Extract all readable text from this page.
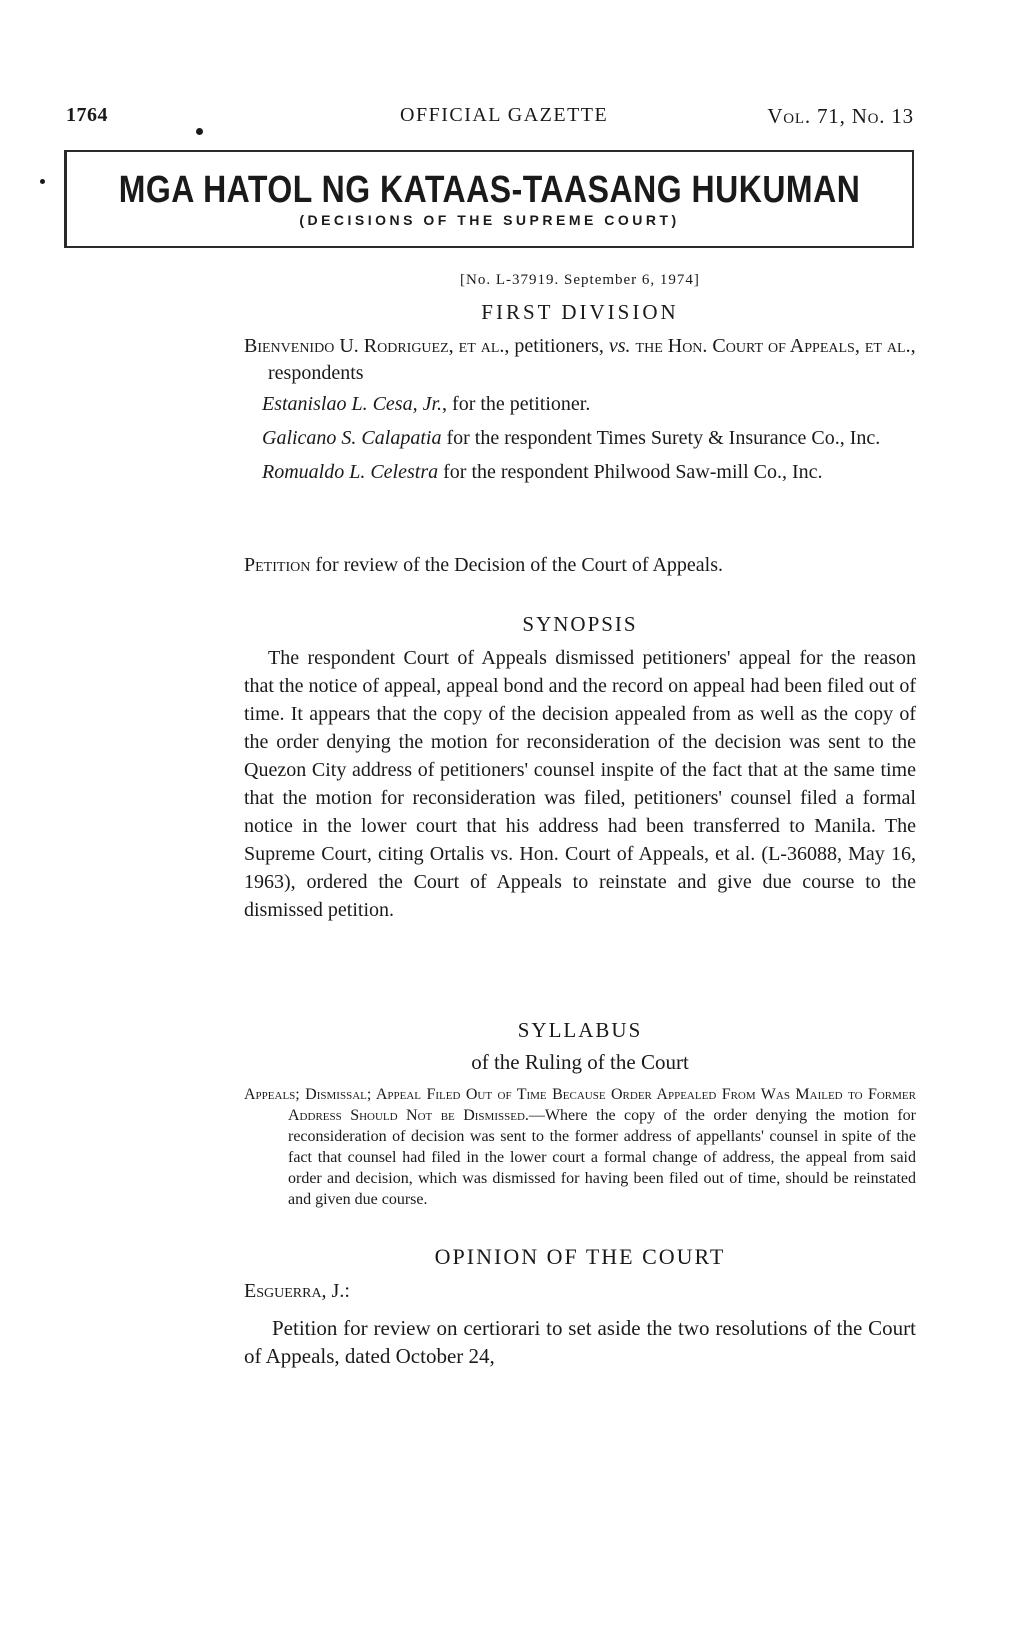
1764	OFFICIAL GAZETTE	Vol. 71, No. 13
MGA HATOL NG KATAAS-TAASANG HUKUMAN
(DECISIONS OF THE SUPREME COURT)
[No. L-37919. September 6, 1974]
FIRST DIVISION
Bienvenido U. Rodriguez, et al., petitioners, vs. the Hon. Court of Appeals, et al., respondents
Estanislao L. Cesa, Jr., for the petitioner.
Galicano S. Calapatia for the respondent Times Surety & Insurance Co., Inc.
Romualdo L. Celestra for the respondent Philwood Saw-mill Co., Inc.
Petition for review of the Decision of the Court of Appeals.
SYNOPSIS
The respondent Court of Appeals dismissed petitioners' appeal for the reason that the notice of appeal, appeal bond and the record on appeal had been filed out of time. It appears that the copy of the decision appealed from as well as the copy of the order denying the motion for reconsideration of the decision was sent to the Quezon City address of petitioners' counsel inspite of the fact that at the same time that the motion for reconsideration was filed, petitioners' counsel filed a formal notice in the lower court that his address had been transferred to Manila. The Supreme Court, citing Ortalis vs. Hon. Court of Appeals, et al. (L-36088, May 16, 1963), ordered the Court of Appeals to reinstate and give due course to the dismissed petition.
SYLLABUS
of the Ruling of the Court
Appeals; Dismissal; Appeal Filed Out of Time Because Order Appealed From Was Mailed to Former Address Should Not be Dismissed.—Where the copy of the order denying the motion for reconsideration of decision was sent to the former address of appellants' counsel in spite of the fact that counsel had filed in the lower court a formal change of address, the appeal from said order and decision, which was dismissed for having been filed out of time, should be reinstated and given due course.
OPINION OF THE COURT
Esguerra, J.:
Petition for review on certiorari to set aside the two resolutions of the Court of Appeals, dated October 24,
